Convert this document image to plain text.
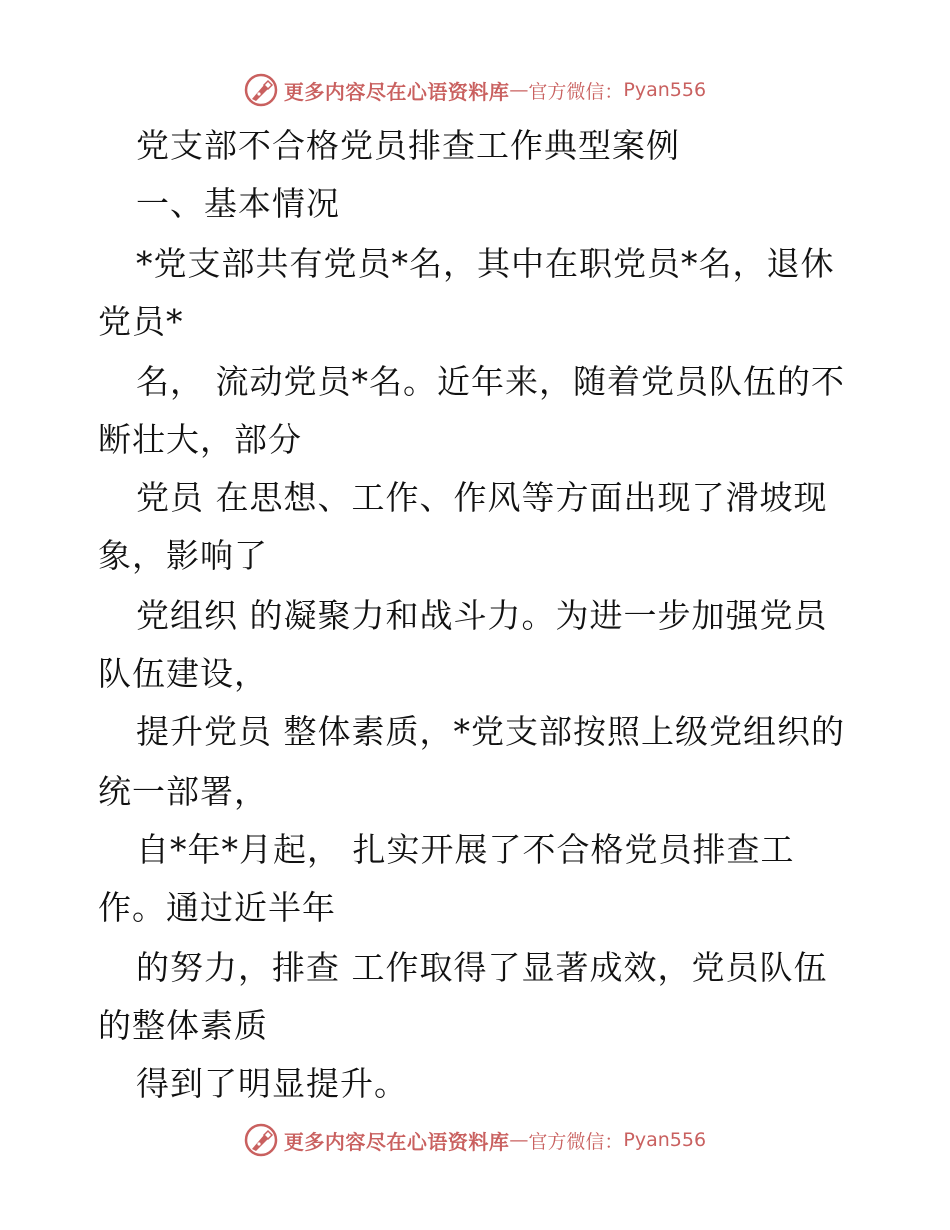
更多内容尽在心语资料库 — 官方微信： Pyan556
党支部不合格党员排查工作典型案例
一、基本情况
*党支部共有党员*名，其中在职党员*名，退休
党员*
名， 流动党员*名。近年来，随着党员队伍的不
断壮大，部分
党员 在思想、工作、作风等方面出现了滑坡现
象，影响了
党组织 的凝聚力和战斗力。为进一步加强党员
队伍建设，
提升党员 整体素质，*党支部按照上级党组织的
统一部署，
自*年*月起， 扎实开展了不合格党员排查工
作。通过近半年
的努力，排查 工作取得了显著成效，党员队伍
的整体素质
得到了明显提升。
更多内容尽在心语资料库 — 官方微信： Pyan556
